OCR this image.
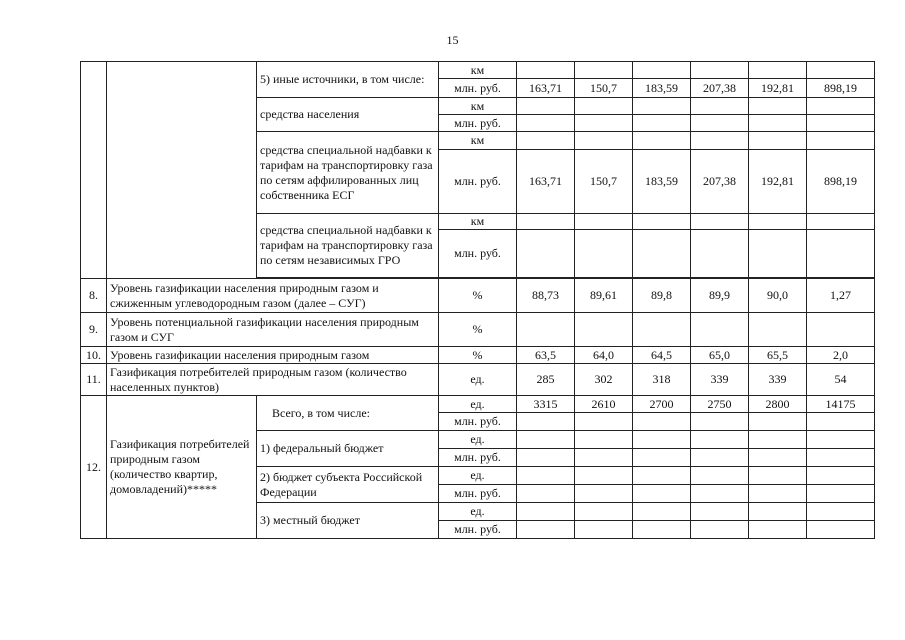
15
		5) иные источники, в том числе:	км						
			млн. руб.	163,71	150,7	183,59	207,38	192,81	898,19
		средства населения	км						
			млн. руб.						
		средства специальной надбавки к тарифам на транспортировку газа по сетям аффилированных лиц собственника ЕСГ	км						
			млн. руб.	163,71	150,7	183,59	207,38	192,81	898,19
		средства специальной надбавки к тарифам на транспортировку газа по сетям независимых ГРО	км						
			млн. руб.						

8.	Уровень газификации населения природным газом и сжиженным углеводородным газом (далее – СУГ)		%	88,73	89,61	89,8	89,9	90,0	1,27
9.	Уровень потенциальной газификации населения природным газом и СУГ		%						
10.	Уровень газификации населения природным газом		%	63,5	64,0	64,5	65,0	65,5	2,0
11.	Газификация потребителей природным газом (количество населенных пунктов)		ед.	285	302	318	339	339	54
12.	Газификация потребителей природным газом (количество квартир, домовладений)*****	Всего, в том числе:	ед.	3315	2610	2700	2750	2800	14175
			млн. руб.						
		1) федеральный бюджет	ед.						
			млн. руб.						
		2) бюджет субъекта Российской Федерации	ед.						
			млн. руб.						
		3) местный бюджет	ед.						
			млн. руб.						
